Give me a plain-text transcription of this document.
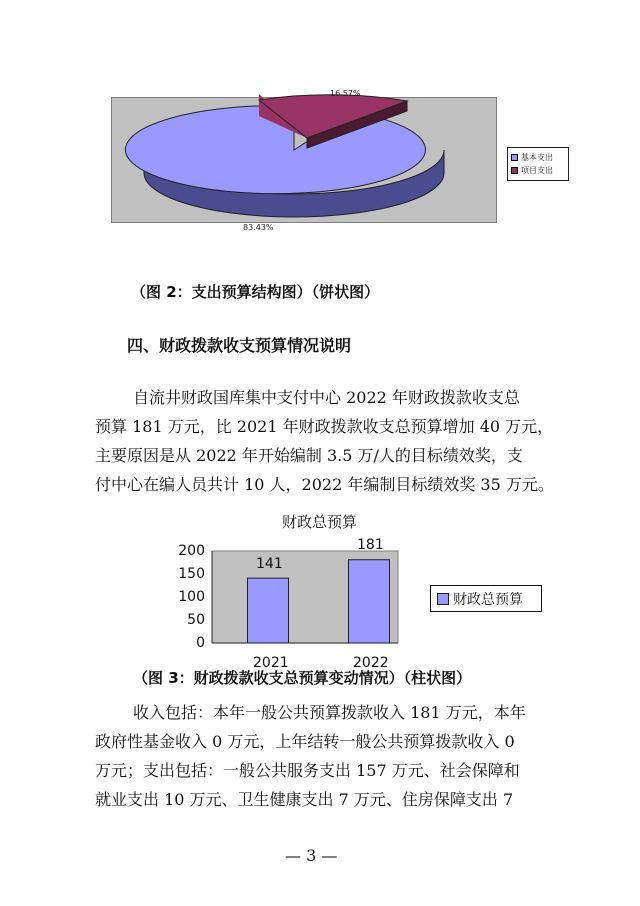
16.57%
83.43%
基本支出
项目支出
（图 2：支出预算结构图）（饼状图）
四、财政拨款收支预算情况说明
自流井财政国库集中支付中心 2022 年财政拨款收支总
预算 181 万元，比 2021 年财政拨款收支总预算增加 40 万元，
主要原因是从 2022 年开始编制 3.5 万/人的目标绩效奖，支
付中心在编人员共计 10 人，2022 年编制目标绩效奖 35 万元。
财政总预算
200
150
100
50
0
2021	2022
141
181
财政总预算
（图 3：财政拨款收支总预算变动情况）（柱状图）
收入包括：本年一般公共预算拨款收入 181 万元，本年
政府性基金收入 0 万元，上年结转一般公共预算拨款收入 0
万元；支出包括：一般公共服务支出 157 万元、社会保障和
就业支出 10 万元、卫生健康支出 7 万元、住房保障支出 7
— 3 —
